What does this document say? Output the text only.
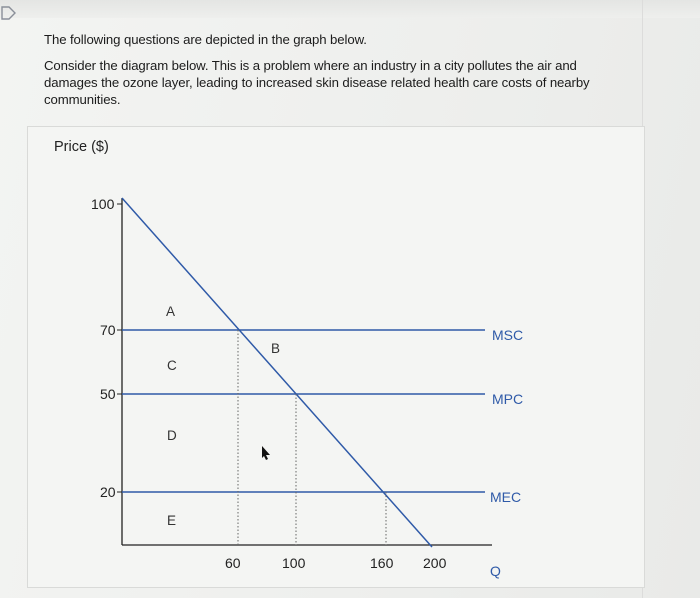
The following questions are depicted in the graph below.

Consider the diagram below. This is a problem where an industry in a city pollutes the air and damages the ozone layer, leading to increased skin disease related health care costs of nearby communities.

Price ($)
Q
100
70
50
20
60	100	160 200
MSC
MPC
MEC
A
B
C
D
E
